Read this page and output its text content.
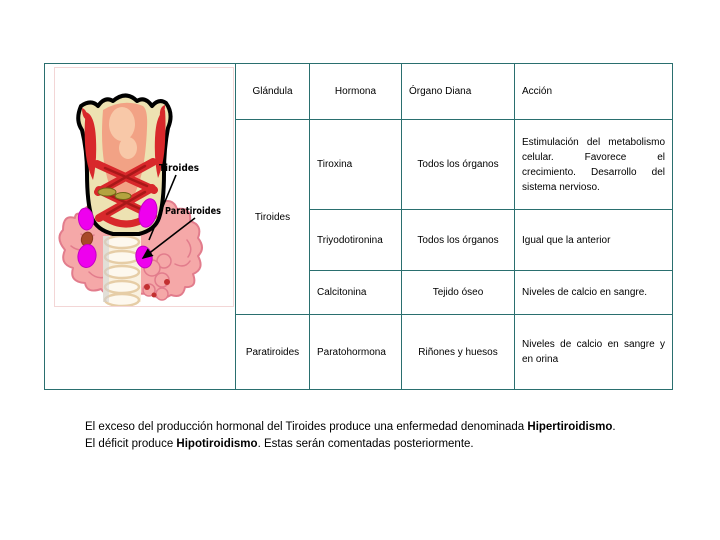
Tiroides
Paratiroides	Glándula	Hormona	Órgano Diana	Acción
	Tiroides	Tiroxina	Todos los órganos	Estimulación del metabolismo celular. Favorece el crecimiento. Desarrollo del sistema nervioso.
		Triyodotironina	Todos los órganos	Igual que la anterior
		Calcitonina	Tejido óseo	Niveles de calcio en sangre.
	Paratiroides	Paratohormona	Riñones y huesos	Niveles de calcio en sangre y en orina
El exceso del producción hormonal del Tiroides produce una enfermedad denominada Hipertiroidismo.
El déficit produce Hipotiroidismo. Estas serán comentadas posteriormente.
